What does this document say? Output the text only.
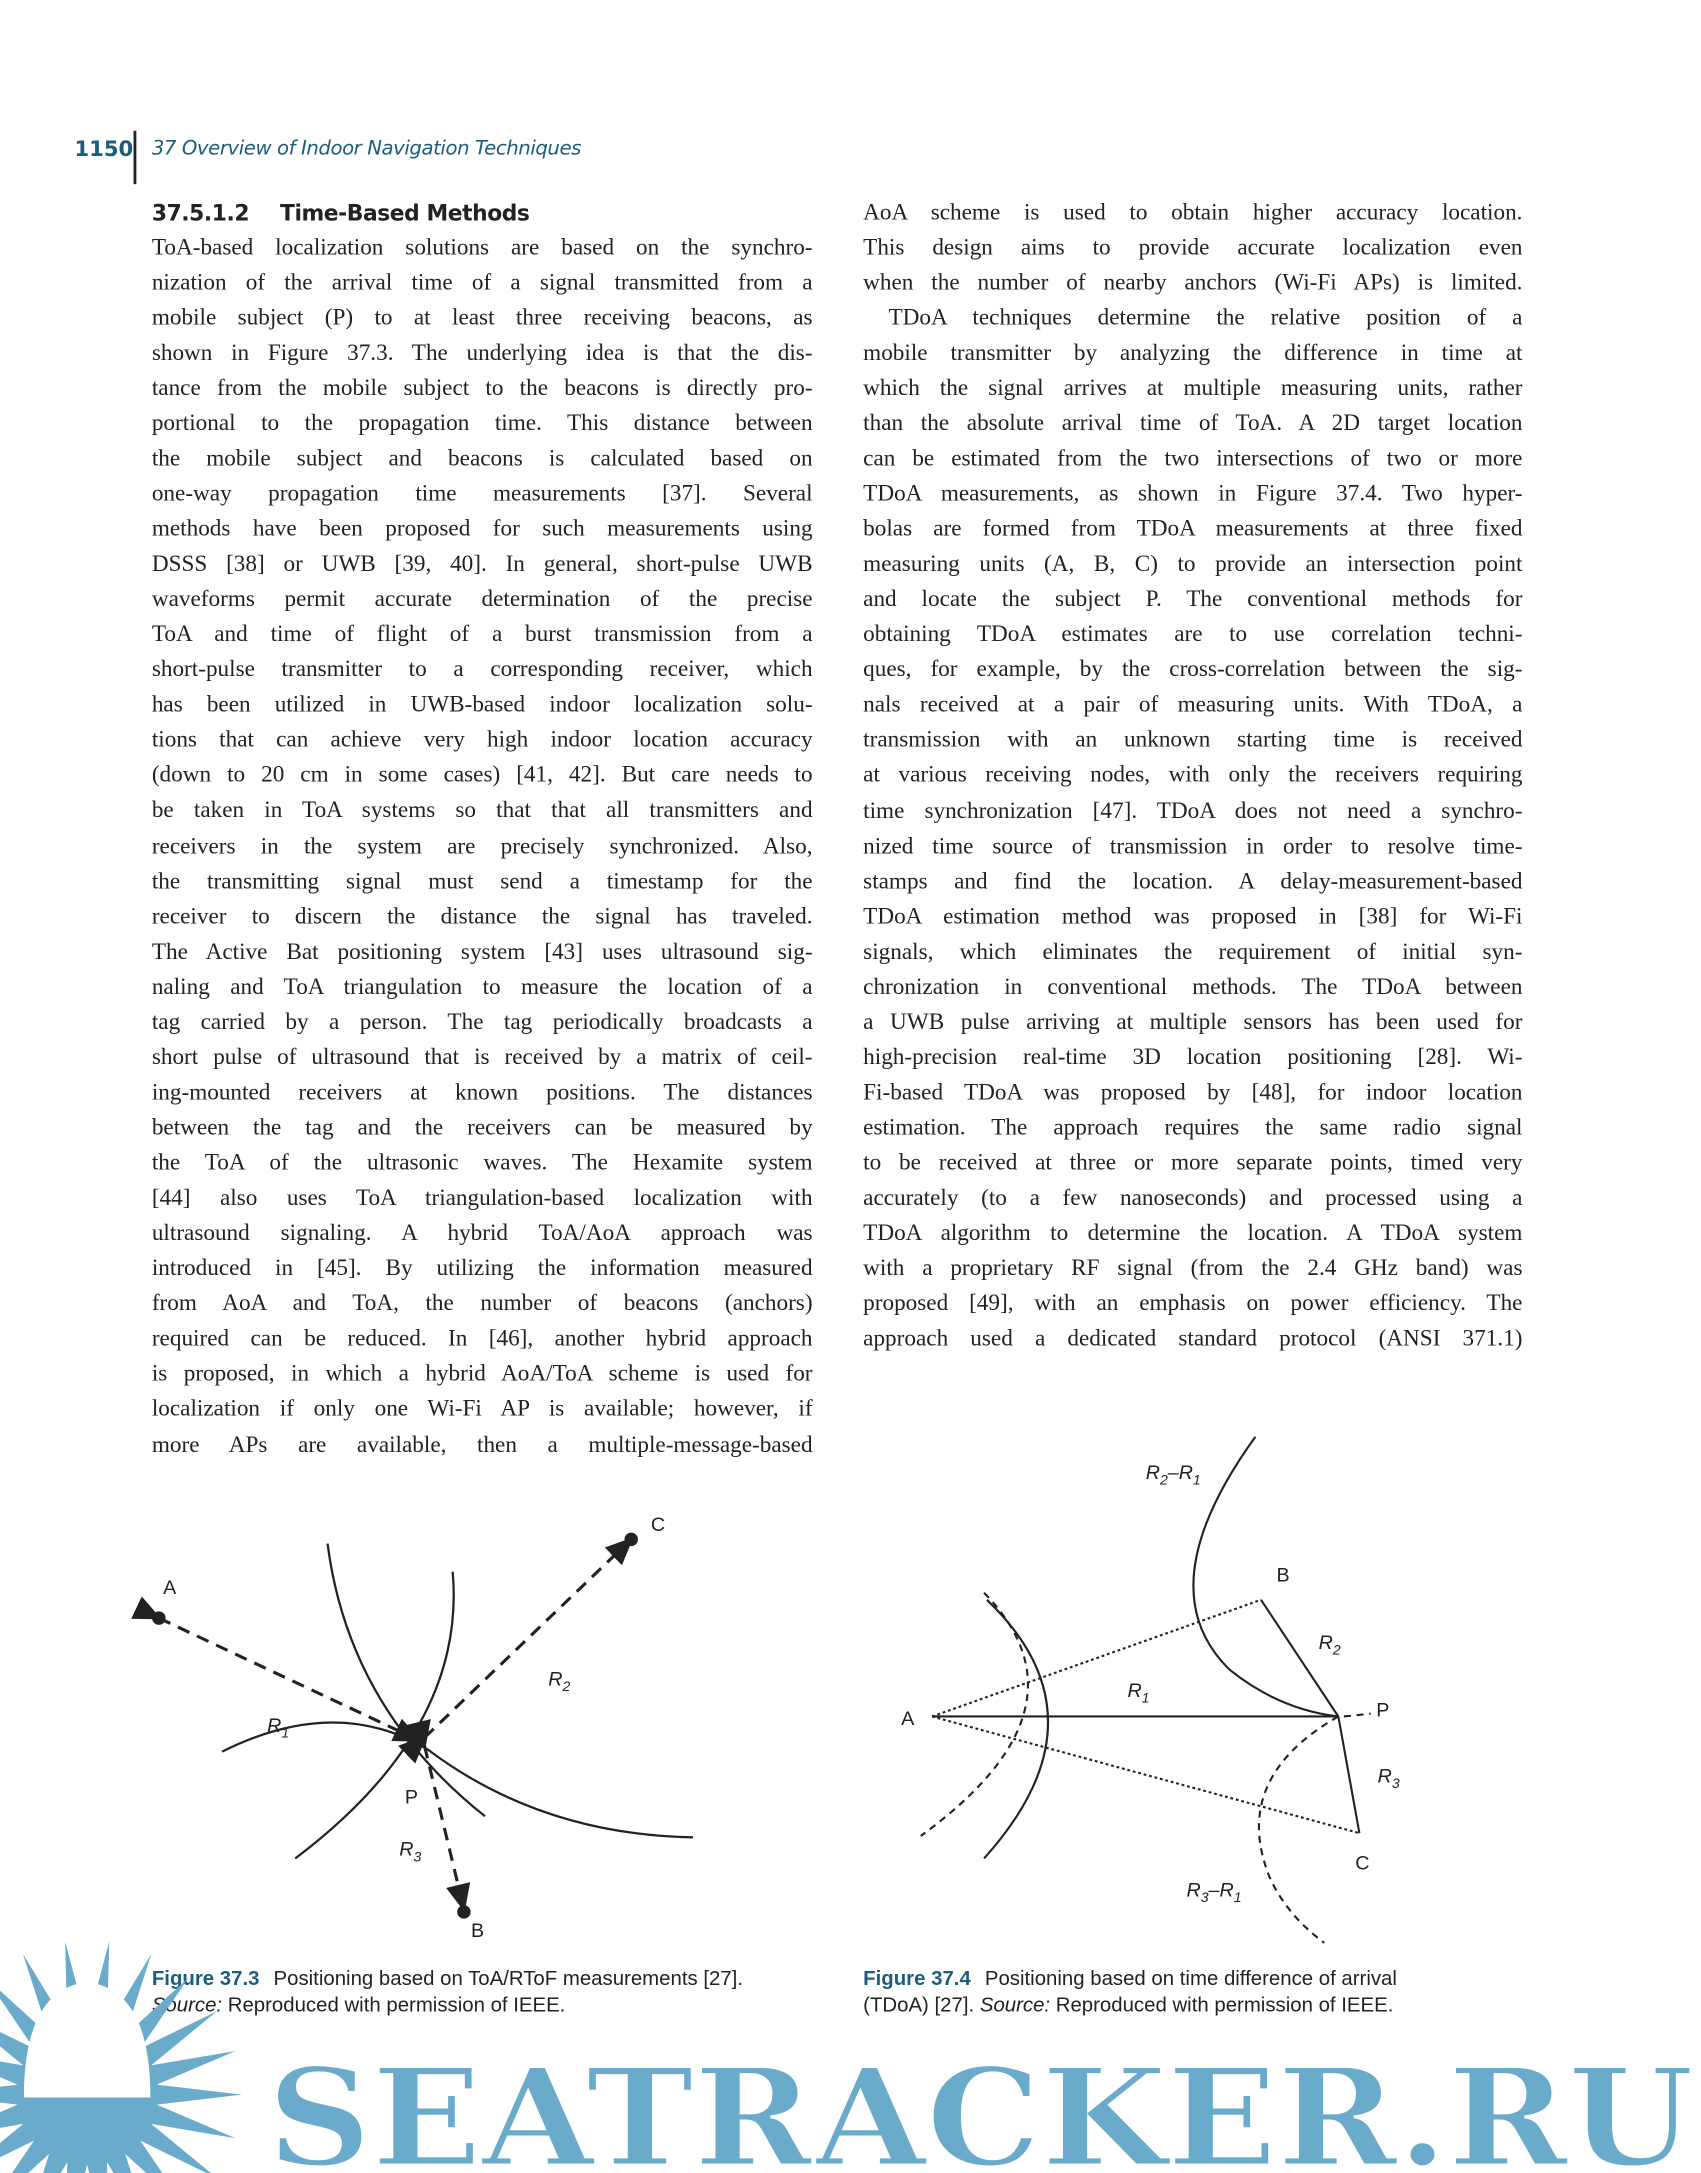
1150 37 Overview of Indoor Navigation Techniques
37.5.1.2 Time-Based Methods
ToA-based localization solutions are based on the synchro-
nization of the arrival time of a signal transmitted from a
mobile subject (P) to at least three receiving beacons, as
shown in Figure 37.3. The underlying idea is that the dis-
tance from the mobile subject to the beacons is directly pro-
portional to the propagation time. This distance between
the mobile subject and beacons is calculated based on
one-way propagation time measurements [37]. Several
methods have been proposed for such measurements using
DSSS [38] or UWB [39, 40]. In general, short-pulse UWB
waveforms permit accurate determination of the precise
ToA and time of flight of a burst transmission from a
short-pulse transmitter to a corresponding receiver, which
has been utilized in UWB-based indoor localization solu-
tions that can achieve very high indoor location accuracy
(down to 20 cm in some cases) [41, 42]. But care needs to
be taken in ToA systems so that that all transmitters and
receivers in the system are precisely synchronized. Also,
the transmitting signal must send a timestamp for the
receiver to discern the distance the signal has traveled.
The Active Bat positioning system [43] uses ultrasound sig-
naling and ToA triangulation to measure the location of a
tag carried by a person. The tag periodically broadcasts a
short pulse of ultrasound that is received by a matrix of ceil-
ing-mounted receivers at known positions. The distances
between the tag and the receivers can be measured by
the ToA of the ultrasonic waves. The Hexamite system
[44] also uses ToA triangulation-based localization with
ultrasound signaling. A hybrid ToA/AoA approach was
introduced in [45]. By utilizing the information measured
from AoA and ToA, the number of beacons (anchors)
required can be reduced. In [46], another hybrid approach
is proposed, in which a hybrid AoA/ToA scheme is used for
localization if only one Wi-Fi AP is available; however, if
more APs are available, then a multiple-message-based
AoA scheme is used to obtain higher accuracy location.
This design aims to provide accurate localization even
when the number of nearby anchors (Wi-Fi APs) is limited.
TDoA techniques determine the relative position of a
mobile transmitter by analyzing the difference in time at
which the signal arrives at multiple measuring units, rather
than the absolute arrival time of ToA. A 2D target location
can be estimated from the two intersections of two or more
TDoA measurements, as shown in Figure 37.4. Two hyper-
bolas are formed from TDoA measurements at three fixed
measuring units (A, B, C) to provide an intersection point
and locate the subject P. The conventional methods for
obtaining TDoA estimates are to use correlation techni-
ques, for example, by the cross-correlation between the sig-
nals received at a pair of measuring units. With TDoA, a
transmission with an unknown starting time is received
at various receiving nodes, with only the receivers requiring
time synchronization [47]. TDoA does not need a synchro-
nized time source of transmission in order to resolve time-
stamps and find the location. A delay-measurement-based
TDoA estimation method was proposed in [38] for Wi-Fi
signals, which eliminates the requirement of initial syn-
chronization in conventional methods. The TDoA between
a UWB pulse arriving at multiple sensors has been used for
high-precision real-time 3D location positioning [28]. Wi-
Fi-based TDoA was proposed by [48], for indoor location
estimation. The approach requires the same radio signal
to be received at three or more separate points, timed very
accurately (to a few nanoseconds) and processed using a
TDoA algorithm to determine the location. A TDoA system
with a proprietary RF signal (from the 2.4 GHz band) was
proposed [49], with an emphasis on power efficiency. The
approach used a dedicated standard protocol (ANSI 371.1)
A
C
B
P
$R_2$
$R_1$
$R_3$
A
B
P
C
$R_2$
$R_1$
$R_3$
$R_2-R_1$
$R_3-R_1$
Figure 37.3 Positioning based on ToA/RToF measurements [27].
Source: Reproduced with permission of IEEE.
Figure 37.4 Positioning based on time difference of arrival
(TDoA) [27]. Source: Reproduced with permission of IEEE.
SEATRACKER.RU
